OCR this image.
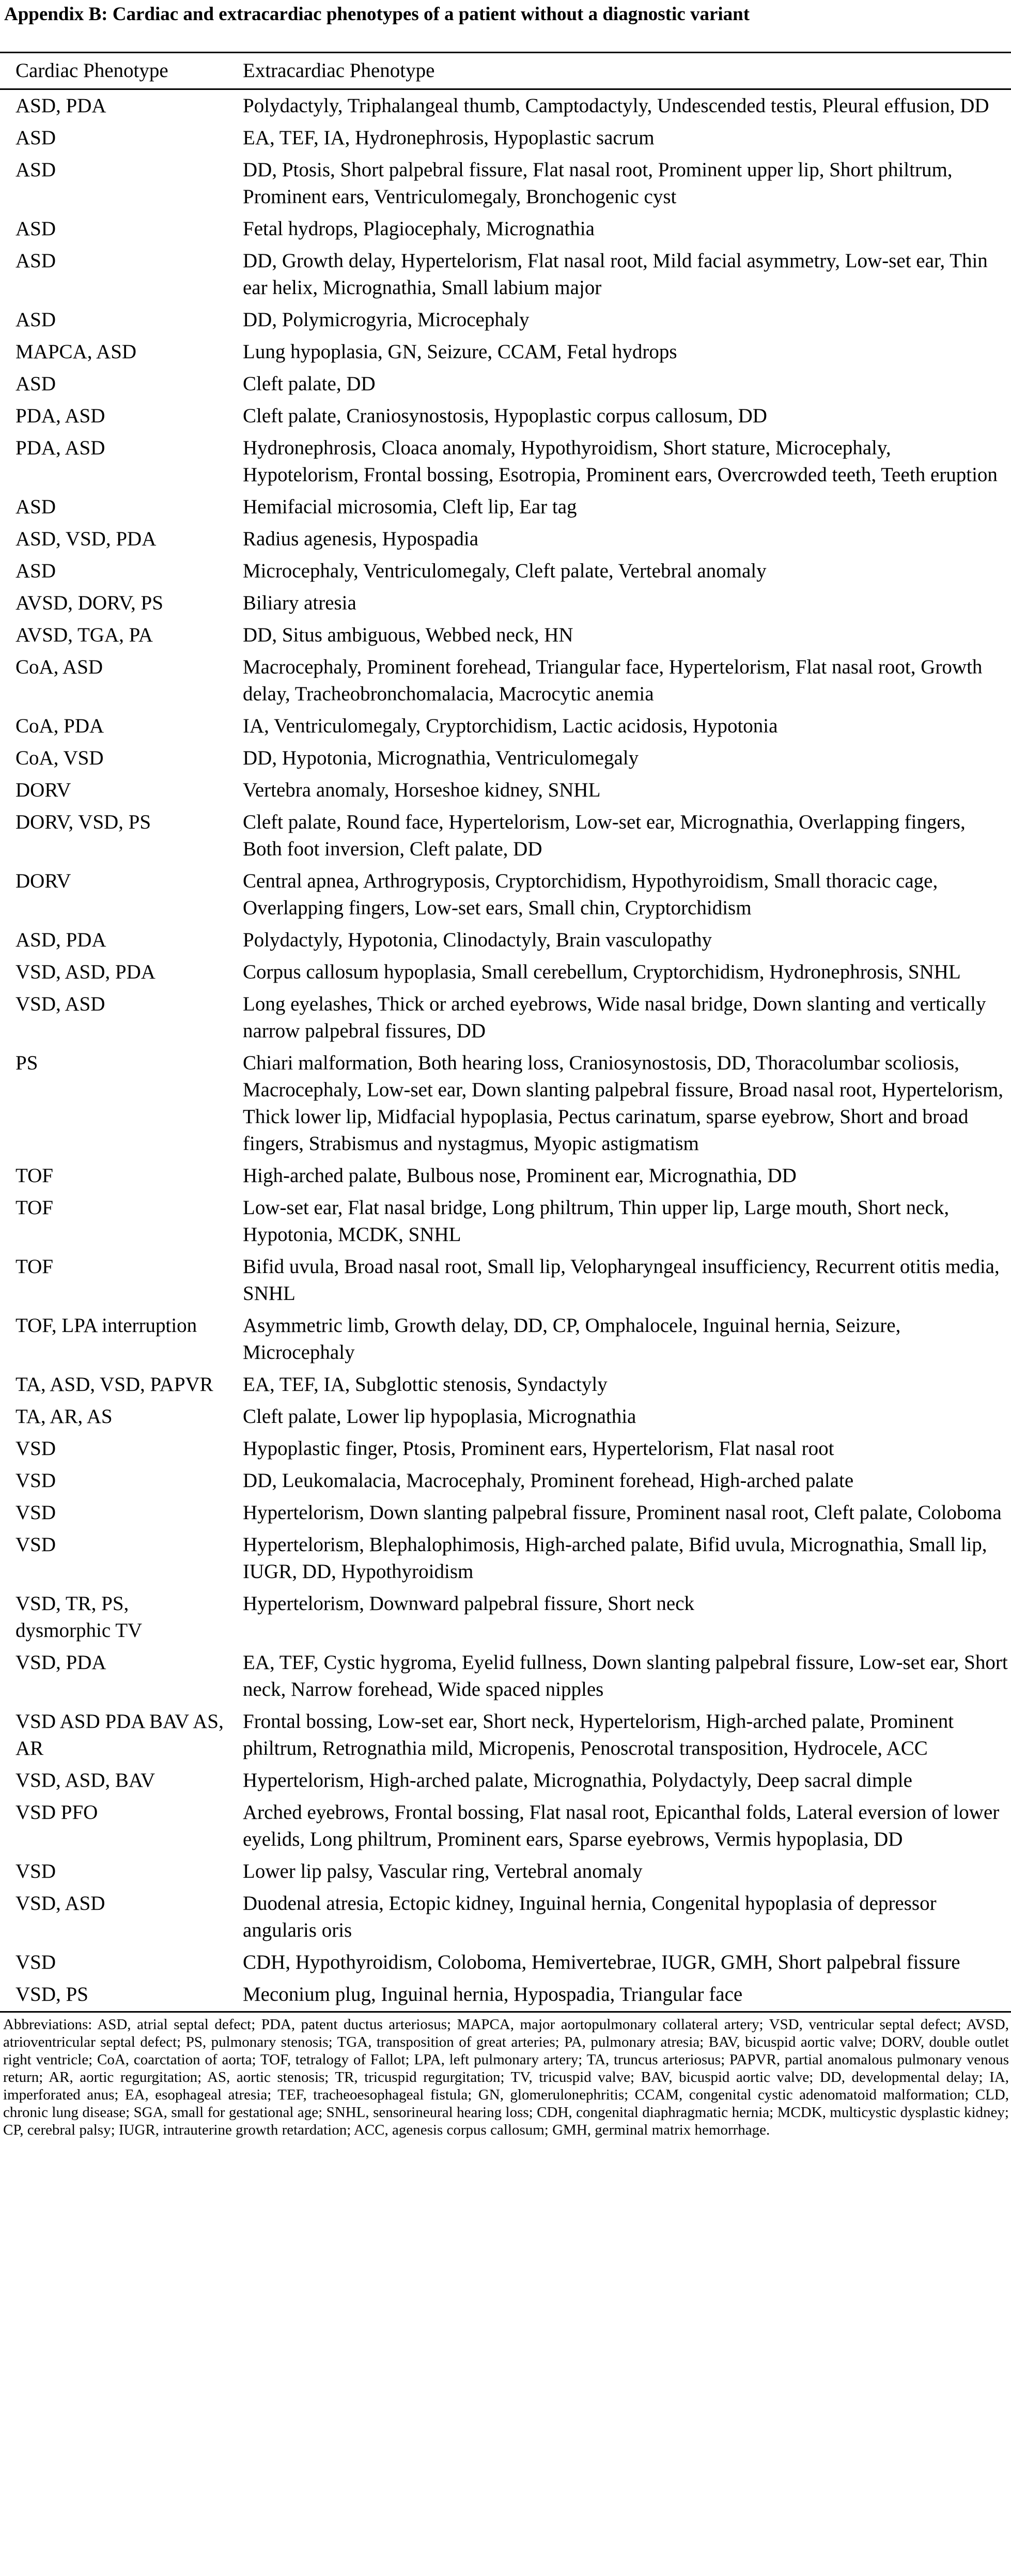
Appendix B: Cardiac and extracardiac phenotypes of a patient without a diagnostic variant
Cardiac Phenotype	Extracardiac Phenotype
ASD, PDA	Polydactyly, Triphalangeal thumb, Camptodactyly, Undescended testis, Pleural effusion, DD
ASD	EA, TEF, IA, Hydronephrosis, Hypoplastic sacrum
ASD	DD, Ptosis, Short palpebral fissure, Flat nasal root, Prominent upper lip, Short philtrum, Prominent ears, Ventriculomegaly, Bronchogenic cyst
ASD	Fetal hydrops, Plagiocephaly, Micrognathia
ASD	DD, Growth delay, Hypertelorism, Flat nasal root, Mild facial asymmetry, Low-set ear, Thin ear helix, Micrognathia, Small labium major
ASD	DD, Polymicrogyria, Microcephaly
MAPCA, ASD	Lung hypoplasia, GN, Seizure, CCAM, Fetal hydrops
ASD	Cleft palate, DD
PDA, ASD	Cleft palate, Craniosynostosis, Hypoplastic corpus callosum, DD
PDA, ASD	Hydronephrosis, Cloaca anomaly, Hypothyroidism, Short stature, Microcephaly, Hypotelorism, Frontal bossing, Esotropia, Prominent ears, Overcrowded teeth, Teeth eruption
ASD	Hemifacial microsomia, Cleft lip, Ear tag
ASD, VSD, PDA	Radius agenesis, Hypospadia
ASD	Microcephaly, Ventriculomegaly, Cleft palate, Vertebral anomaly
AVSD, DORV, PS	Biliary atresia
AVSD, TGA, PA	DD, Situs ambiguous, Webbed neck, HN
CoA, ASD	Macrocephaly, Prominent forehead, Triangular face, Hypertelorism, Flat nasal root, Growth delay, Tracheobronchomalacia, Macrocytic anemia
CoA, PDA	IA, Ventriculomegaly, Cryptorchidism, Lactic acidosis, Hypotonia
CoA, VSD	DD, Hypotonia, Micrognathia, Ventriculomegaly
DORV	Vertebra anomaly, Horseshoe kidney, SNHL
DORV, VSD, PS	Cleft palate, Round face, Hypertelorism, Low-set ear, Micrognathia, Overlapping fingers, Both foot inversion, Cleft palate, DD
DORV	Central apnea, Arthrogryposis, Cryptorchidism, Hypothyroidism, Small thoracic cage, Overlapping fingers, Low-set ears, Small chin, Cryptorchidism
ASD, PDA	Polydactyly, Hypotonia, Clinodactyly, Brain vasculopathy
VSD, ASD, PDA	Corpus callosum hypoplasia, Small cerebellum, Cryptorchidism, Hydronephrosis, SNHL
VSD, ASD	Long eyelashes, Thick or arched eyebrows, Wide nasal bridge, Down slanting and vertically narrow palpebral fissures, DD
PS	Chiari malformation, Both hearing loss, Craniosynostosis, DD, Thoracolumbar scoliosis, Macrocephaly, Low-set ear, Down slanting palpebral fissure, Broad nasal root, Hypertelorism, Thick lower lip, Midfacial hypoplasia, Pectus carinatum, sparse eyebrow, Short and broad fingers, Strabismus and nystagmus, Myopic astigmatism
TOF	High-arched palate, Bulbous nose, Prominent ear, Micrognathia, DD
TOF	Low-set ear, Flat nasal bridge, Long philtrum, Thin upper lip, Large mouth, Short neck, Hypotonia, MCDK, SNHL
TOF	Bifid uvula, Broad nasal root, Small lip, Velopharyngeal insufficiency, Recurrent otitis media, SNHL
TOF, LPA interruption	Asymmetric limb, Growth delay, DD, CP, Omphalocele, Inguinal hernia, Seizure, Microcephaly
TA, ASD, VSD, PAPVR	EA, TEF, IA, Subglottic stenosis, Syndactyly
TA, AR, AS	Cleft palate, Lower lip hypoplasia, Micrognathia
VSD	Hypoplastic finger, Ptosis, Prominent ears, Hypertelorism, Flat nasal root
VSD	DD, Leukomalacia, Macrocephaly, Prominent forehead, High-arched palate
VSD	Hypertelorism, Down slanting palpebral fissure, Prominent nasal root, Cleft palate, Coloboma
VSD	Hypertelorism, Blephalophimosis, High-arched palate, Bifid uvula, Micrognathia, Small lip, IUGR, DD, Hypothyroidism
VSD, TR, PS, dysmorphic TV	Hypertelorism, Downward palpebral fissure, Short neck
VSD, PDA	EA, TEF, Cystic hygroma, Eyelid fullness, Down slanting palpebral fissure, Low-set ear, Short neck, Narrow forehead, Wide spaced nipples
VSD ASD PDA BAV AS, AR	Frontal bossing, Low-set ear, Short neck, Hypertelorism, High-arched palate, Prominent philtrum, Retrognathia mild, Micropenis, Penoscrotal transposition, Hydrocele, ACC
VSD, ASD, BAV	Hypertelorism, High-arched palate, Micrognathia, Polydactyly, Deep sacral dimple
VSD PFO	Arched eyebrows, Frontal bossing, Flat nasal root, Epicanthal folds, Lateral eversion of lower eyelids, Long philtrum, Prominent ears, Sparse eyebrows, Vermis hypoplasia, DD
VSD	Lower lip palsy, Vascular ring, Vertebral anomaly
VSD, ASD	Duodenal atresia, Ectopic kidney, Inguinal hernia, Congenital hypoplasia of depressor angularis oris
VSD	CDH, Hypothyroidism, Coloboma, Hemivertebrae, IUGR, GMH, Short palpebral fissure
VSD, PS	Meconium plug, Inguinal hernia, Hypospadia, Triangular face
Abbreviations: ASD, atrial septal defect; PDA, patent ductus arteriosus; MAPCA, major aortopulmonary collateral artery; VSD, ventricular septal defect; AVSD, atrioventricular septal defect; PS, pulmonary stenosis; TGA, transposition of great arteries; PA, pulmonary atresia; BAV, bicuspid aortic valve; DORV, double outlet right ventricle; CoA, coarctation of aorta; TOF, tetralogy of Fallot; LPA, left pulmonary artery; TA, truncus arteriosus; PAPVR, partial anomalous pulmonary venous return; AR, aortic regurgitation; AS, aortic stenosis; TR, tricuspid regurgitation; TV, tricuspid valve; BAV, bicuspid aortic valve; DD, developmental delay; IA, imperforated anus; EA, esophageal atresia; TEF, tracheoesophageal fistula; GN, glomerulonephritis; CCAM, congenital cystic adenomatoid malformation; CLD, chronic lung disease; SGA, small for gestational age; SNHL, sensorineural hearing loss; CDH, congenital diaphragmatic hernia; MCDK, multicystic dysplastic kidney; CP, cerebral palsy; IUGR, intrauterine growth retardation; ACC, agenesis corpus callosum; GMH, germinal matrix hemorrhage.
